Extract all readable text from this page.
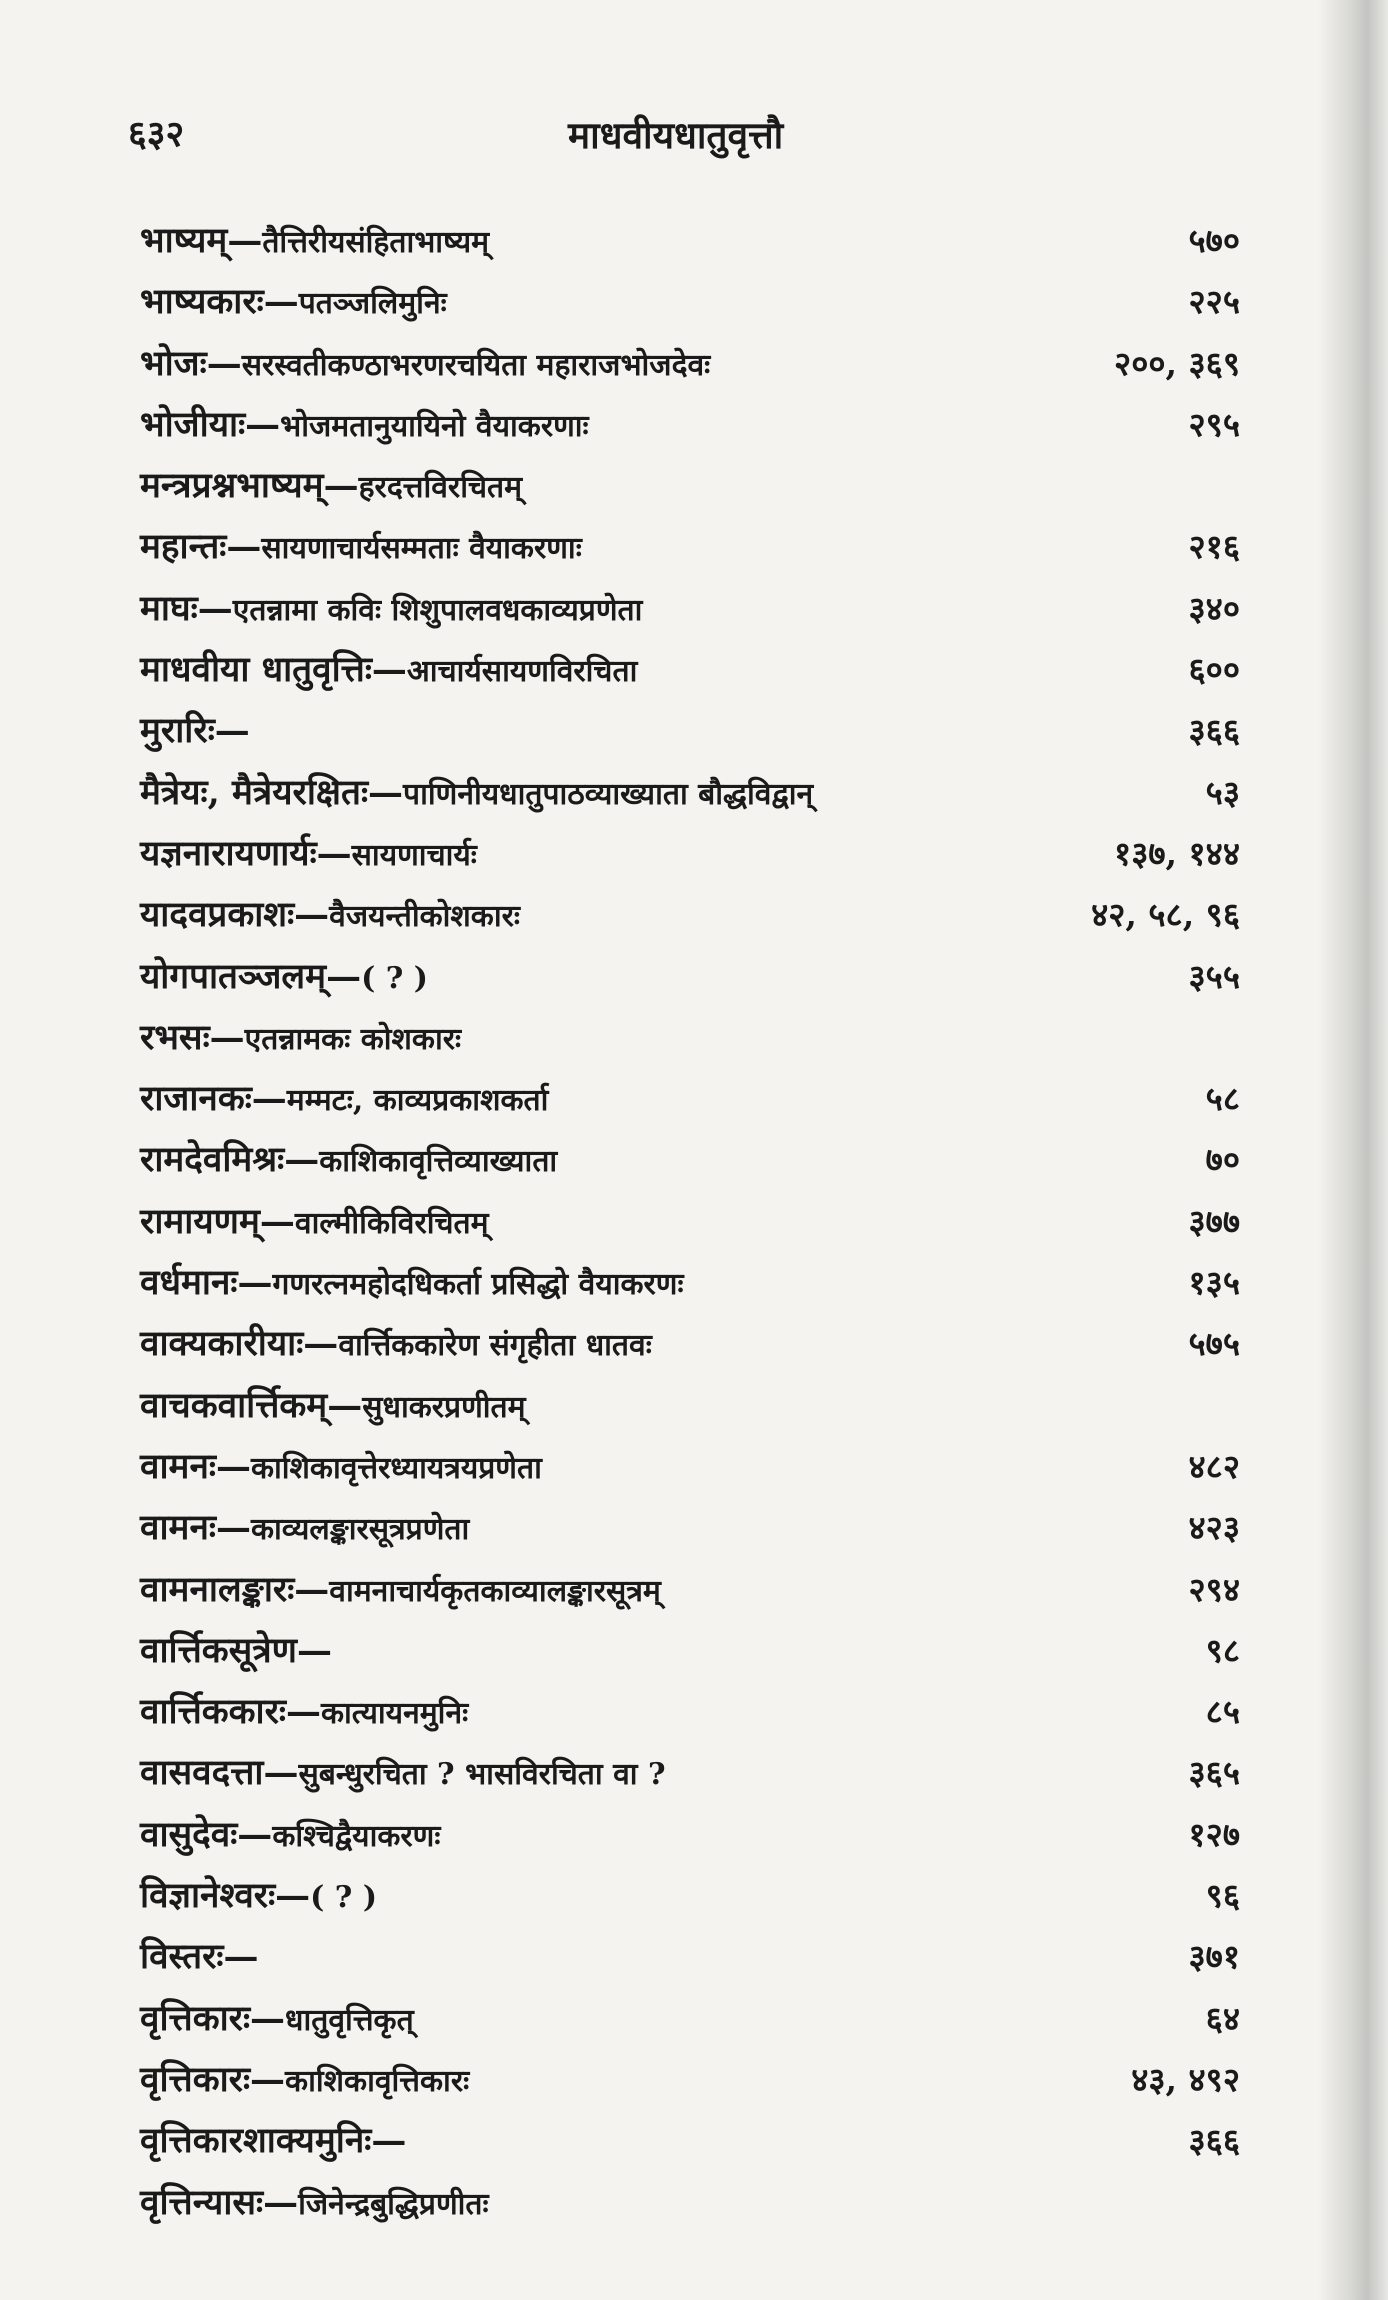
६३२	माधवीयधातुवृत्तौ
भाष्यम्—तैत्तिरीयसंहिताभाष्यम्	५७०
भाष्यकारः—पतञ्जलिमुनिः	२२५
भोजः—सरस्वतीकण्ठाभरणरचयिता महाराजभोजदेवः	२००, ३६९
भोजीयाः—भोजमतानुयायिनो वैयाकरणाः	२९५
मन्त्रप्रश्नभाष्यम्—हरदत्तविरचितम्
महान्तः—सायणाचार्यसम्मताः वैयाकरणाः	२१६
माघः—एतन्नामा कविः शिशुपालवधकाव्यप्रणेता	३४०
माधवीया धातुवृत्तिः—आचार्यसायणविरचिता	६००
मुरारिः—	३६६
मैत्रेयः, मैत्रेयरक्षितः—पाणिनीयधातुपाठव्याख्याता बौद्धविद्वान्	५३
यज्ञनारायणार्यः—सायणाचार्यः	१३७, १४४
यादवप्रकाशः—वैजयन्तीकोशकारः	४२, ५८, ९६
योगपातञ्जलम्—( ? )	३५५
रभसः—एतन्नामकः कोशकारः
राजानकः—मम्मटः, काव्यप्रकाशकर्ता	५८
रामदेवमिश्रः—काशिकावृत्तिव्याख्याता	७०
रामायणम्—वाल्मीकिविरचितम्	३७७
वर्धमानः—गणरत्नमहोदधिकर्ता प्रसिद्धो वैयाकरणः	१३५
वाक्यकारीयाः—वार्त्तिककारेण संगृहीता धातवः	५७५
वाचकवार्त्तिकम्—सुधाकरप्रणीतम्
वामनः—काशिकावृत्तेरध्यायत्रयप्रणेता	४८२
वामनः—काव्यलङ्कारसूत्रप्रणेता	४२३
वामनालङ्कारः—वामनाचार्यकृतकाव्यालङ्कारसूत्रम्	२९४
वार्त्तिकसूत्रेण—	९८
वार्त्तिककारः—कात्यायनमुनिः	८५
वासवदत्ता—सुबन्धुरचिता ? भासविरचिता वा ?	३६५
वासुदेवः—कश्चिद्वैयाकरणः	१२७
विज्ञानेश्वरः—( ? )	९६
विस्तरः—	३७१
वृत्तिकारः—धातुवृत्तिकृत्	६४
वृत्तिकारः—काशिकावृत्तिकारः	४३, ४९२
वृत्तिकारशाक्यमुनिः—	३६६
वृत्तिन्यासः—जिनेन्द्रबुद्धिप्रणीतः
